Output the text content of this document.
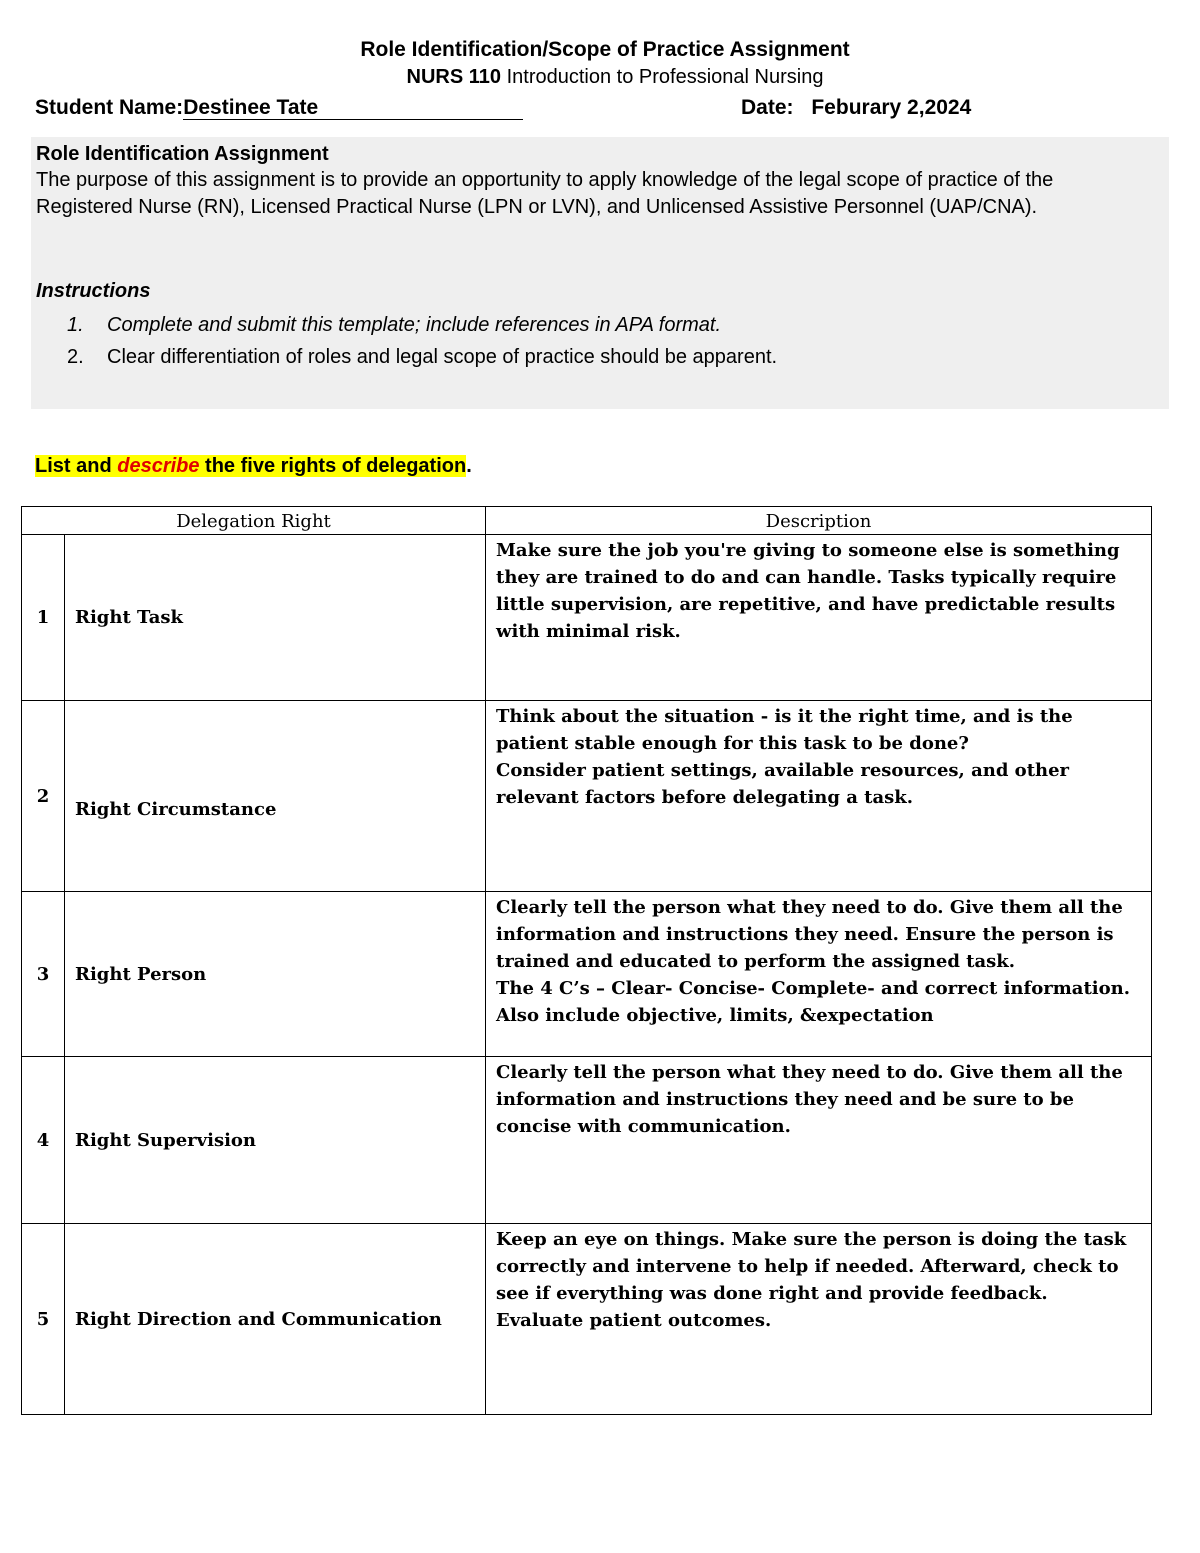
Role Identification/Scope of Practice Assignment
NURS 110 Introduction to Professional Nursing
Student Name:Destinee Tate	Date: Feburary 2,2024
Role Identification Assignment
The purpose of this assignment is to provide an opportunity to apply knowledge of the legal scope of practice of the Registered Nurse (RN), Licensed Practical Nurse (LPN or LVN), and Unlicensed Assistive Personnel (UAP/CNA).
Instructions
1. Complete and submit this template; include references in APA format.
2. Clear differentiation of roles and legal scope of practice should be apparent.
List and describe the five rights of delegation.
Delegation Right		Description
1	Right Task	Make sure the job you're giving to someone else is something they are trained to do and can handle. Tasks typically require little supervision, are repetitive, and have predictable results with minimal risk.

2	Right Circumstance	Think about the situation - is it the right time, and is the patient stable enough for this task to be done?

Consider patient settings, available resources, and other relevant factors before delegating a task.

3	Right Person	Clearly tell the person what they need to do. Give them all the information and instructions they need. Ensure the person is trained and educated to perform the assigned task.

The 4 C’s – Clear- Concise- Complete- and correct information.

Also include objective, limits, &expectation

4	Right Supervision	Clearly tell the person what they need to do. Give them all the information and instructions they need and be sure to be concise with communication.

5	Right Direction and Communication	Keep an eye on things. Make sure the person is doing the task correctly and intervene to help if needed. Afterward, check to see if everything was done right and provide feedback.

Evaluate patient outcomes.
